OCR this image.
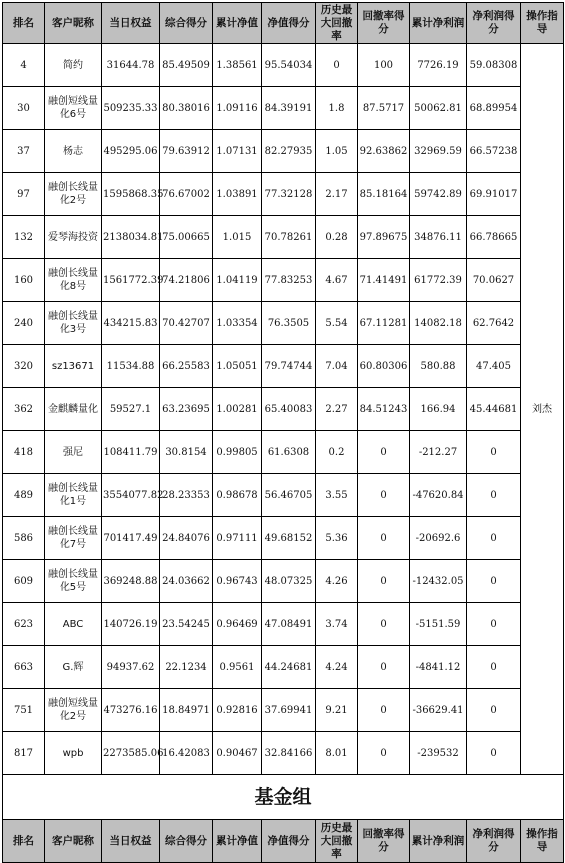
排名	客户昵称	当日权益	综合得分	累计净值	净值得分	历史最大回撤率	回撤率得分	累计净利润	净利润得分	操作指导
4	简约	31644.78	85.49509	1.38561	95.54034	0	100	7726.19	59.08308	刘杰
30	融创短线量化6号	509235.33	80.38016	1.09116	84.39191	1.8	87.5717	50062.81	68.89954	
37	杨志	495295.06	79.63912	1.07131	82.27935	1.05	92.63862	32969.59	66.57238	
97	融创长线量化2号	1595868.35	76.67002	1.03891	77.32128	2.17	85.18164	59742.89	69.91017	
132	爱琴海投资	2138034.81	75.00665	1.015	70.78261	0.28	97.89675	34876.11	66.78665	
160	融创长线量化8号	1561772.39	74.21806	1.04119	77.83253	4.67	71.41491	61772.39	70.0627	
240	融创长线量化3号	434215.83	70.42707	1.03354	76.3505	5.54	67.11281	14082.18	62.7642	
320	sz13671	11534.88	66.25583	1.05051	79.74744	7.04	60.80306	580.88	47.405	
362	金麒麟量化	59527.1	63.23695	1.00281	65.40083	2.27	84.51243	166.94	45.44681	
418	强尼	108411.79	30.8154	0.99805	61.6308	0.2	0	-212.27	0	
489	融创长线量化1号	3554077.82	28.23353	0.98678	56.46705	3.55	0	-47620.84	0	
586	融创长线量化7号	701417.49	24.84076	0.97111	49.68152	5.36	0	-20692.6	0	
609	融创长线量化5号	369248.88	24.03662	0.96743	48.07325	4.26	0	-12432.05	0	
623	ABC	140726.19	23.54245	0.96469	47.08491	3.74	0	-5151.59	0	
663	G.辉	94937.62	22.1234	0.9561	44.24681	4.24	0	-4841.12	0	
751	融创短线量化2号	473276.16	18.84971	0.92816	37.69941	9.21	0	-36629.41	0	
817	wpb	2273585.06	16.42083	0.90467	32.84166	8.01	0	-239532	0	
基金组										
排名	客户昵称	当日权益	综合得分	累计净值	净值得分	历史最大回撤率	回撤率得分	累计净利润	净利润得分	操作指导
